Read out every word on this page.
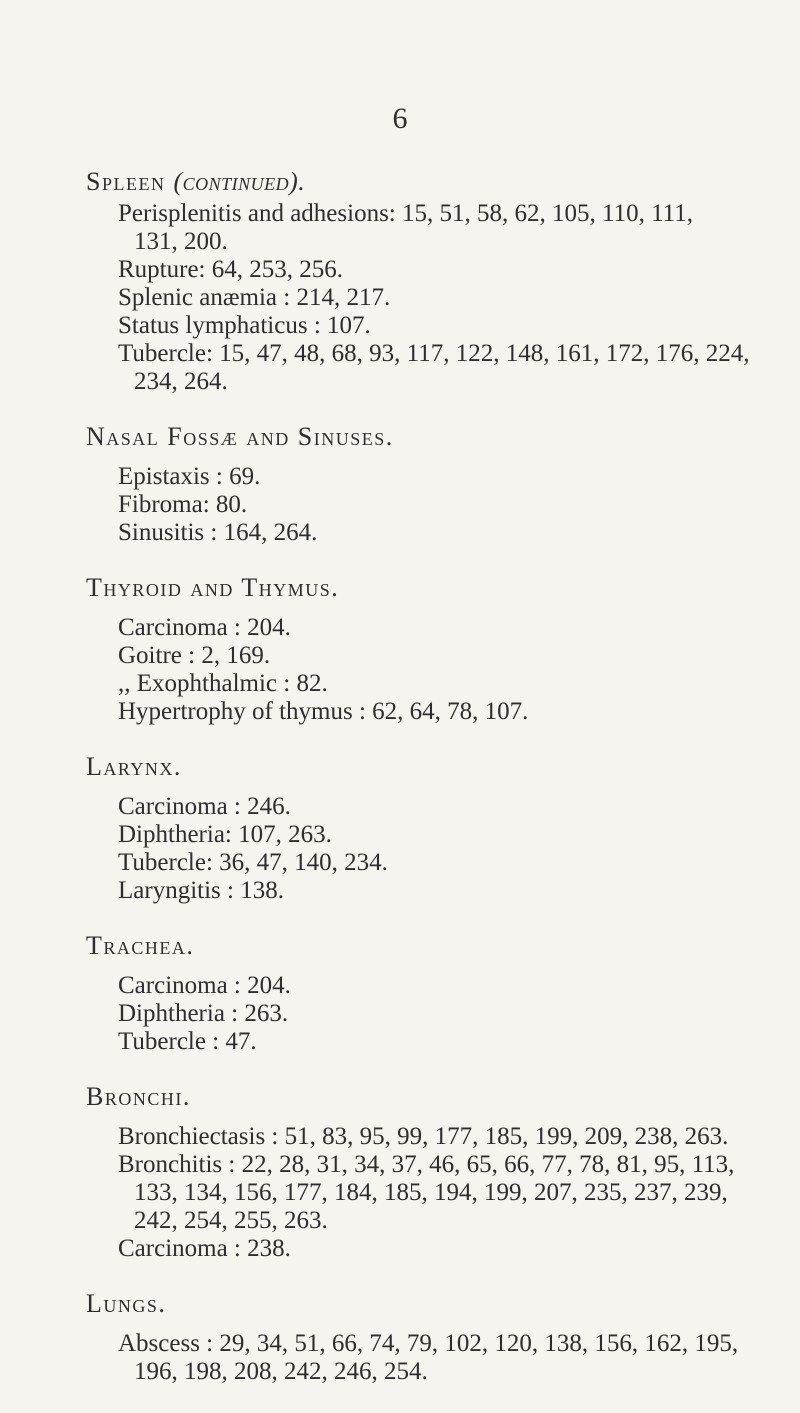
6
Spleen (continued).
Perisplenitis and adhesions: 15, 51, 58, 62, 105, 110, 111,
131, 200.
Rupture: 64, 253, 256.
Splenic anæmia : 214, 217.
Status lymphaticus : 107.
Tubercle: 15, 47, 48, 68, 93, 117, 122, 148, 161, 172, 176, 224,
234, 264.
Nasal Fossæ and Sinuses.
Epistaxis : 69.
Fibroma: 80.
Sinusitis : 164, 264.
Thyroid and Thymus.
Carcinoma : 204.
Goitre : 2, 169.
,, Exophthalmic : 82.
Hypertrophy of thymus : 62, 64, 78, 107.
Larynx.
Carcinoma : 246.
Diphtheria: 107, 263.
Tubercle: 36, 47, 140, 234.
Laryngitis : 138.
Trachea.
Carcinoma : 204.
Diphtheria : 263.
Tubercle : 47.
Bronchi.
Bronchiectasis : 51, 83, 95, 99, 177, 185, 199, 209, 238, 263.
Bronchitis : 22, 28, 31, 34, 37, 46, 65, 66, 77, 78, 81, 95, 113,
133, 134, 156, 177, 184, 185, 194, 199, 207, 235, 237, 239, 242, 254, 255, 263.
Carcinoma : 238.
Lungs.
Abscess : 29, 34, 51, 66, 74, 79, 102, 120, 138, 156, 162, 195,
196, 198, 208, 242, 246, 254.
